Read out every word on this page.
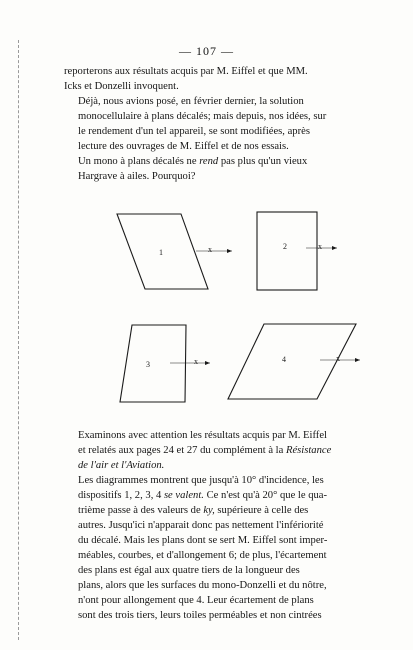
— 107 —

reporterons aux résultats acquis par M. Eiffel et que MM.
Icks et Donzelli invoquent.

Déjà, nous avions posé, en février dernier, la solution
monocellulaire à plans décalés; mais depuis, nos idées, sur
le rendement d'un tel appareil, se sont modifiées, après
lecture des ouvrages de M. Eiffel et de nos essais.

Un mono à plans décalés ne rend pas plus qu'un vieux
Hargrave à ailes. Pourquoi?

1	x	2	x
3	x	4	x

Examinons avec attention les résultats acquis par M. Eiffel
et relatés aux pages 24 et 27 du complément à la Résistance
de l'air et l'Aviation.

Les diagrammes montrent que jusqu'à 10° d'incidence, les
dispositifs 1, 2, 3, 4 se valent. Ce n'est qu'à 20° que le qua-
trième passe à des valeurs de ky, supérieure à celle des
autres. Jusqu'ici n'apparait donc pas nettement l'infériorité
du décalé. Mais les plans dont se sert M. Eiffel sont imper-
méables, courbes, et d'allongement 6; de plus, l'écartement
des plans est égal aux quatre tiers de la longueur des
plans, alors que les surfaces du mono-Donzelli et du nôtre,
n'ont pour allongement que 4. Leur écartement de plans
sont des trois tiers, leurs toiles perméables et non cintrées
